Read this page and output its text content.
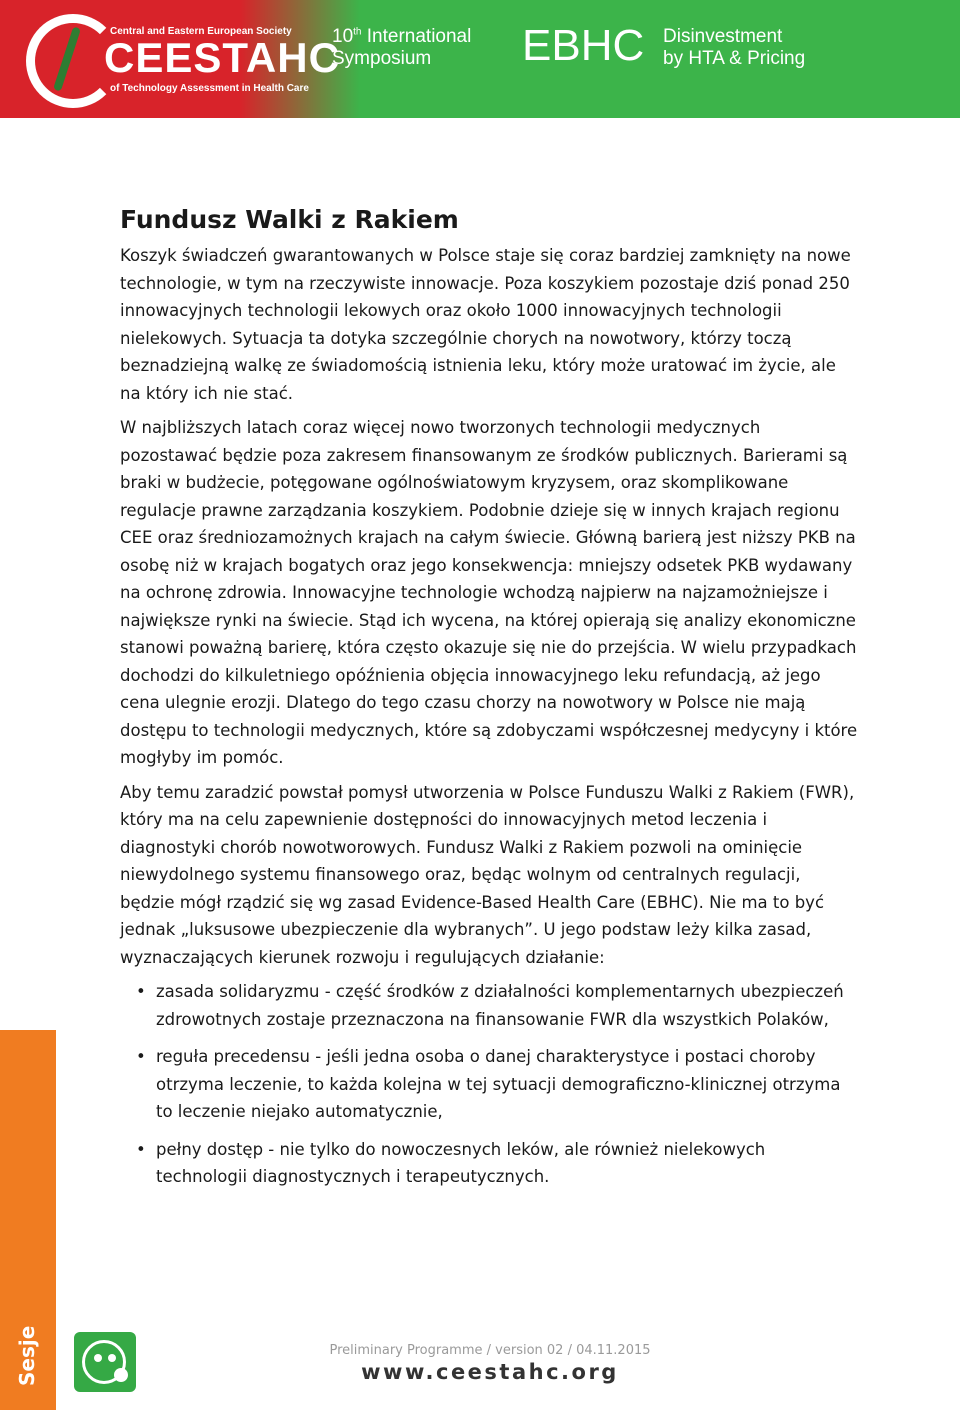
Central and Eastern European Society
CEESTAHC
of Technology Assessment in Health Care
10th International
Symposium	EBHC Disinvestment
by HTA & Pricing
Fundusz Walki z Rakiem

Koszyk świadczeń gwarantowanych w Polsce staje się coraz bardziej zamknięty na nowe technologie, w tym na rzeczywiste innowacje. Poza koszykiem pozostaje dziś ponad 250 innowacyjnych technologii lekowych oraz około 1000 innowacyjnych technologii nielekowych. Sytuacja ta dotyka szczególnie chorych na nowotwory, którzy toczą beznadziejną walkę ze świadomością istnienia leku, który może uratować im życie, ale na który ich nie stać.

W najbliższych latach coraz więcej nowo tworzonych technologii medycznych pozostawać będzie poza zakresem finansowanym ze środków publicznych. Barierami są braki w budżecie, potęgowane ogólnoświatowym kryzysem, oraz skomplikowane regulacje prawne zarządzania koszykiem. Podobnie dzieje się w innych krajach regionu CEE oraz średniozamożnych krajach na całym świecie. Główną barierą jest niższy PKB na osobę niż w krajach bogatych oraz jego konsekwencja: mniejszy odsetek PKB wydawany na ochronę zdrowia. Innowacyjne technologie wchodzą najpierw na najzamożniejsze i największe rynki na świecie. Stąd ich wycena, na której opierają się analizy ekonomiczne stanowi poważną barierę, która często okazuje się nie do przejścia. W wielu przypadkach dochodzi do kilkuletniego opóźnienia objęcia innowacyjnego leku refundacją, aż jego cena ulegnie erozji. Dlatego do tego czasu chorzy na nowotwory w Polsce nie mają dostępu to technologii medycznych, które są zdobyczami współczesnej medycyny i które mogłyby im pomóc.

Aby temu zaradzić powstał pomysł utworzenia w Polsce Funduszu Walki z Rakiem (FWR), który ma na celu zapewnienie dostępności do innowacyjnych metod leczenia i diagnostyki chorób nowotworowych. Fundusz Walki z Rakiem pozwoli na ominięcie niewydolnego systemu finansowego oraz, będąc wolnym od centralnych regulacji, będzie mógł rządzić się wg zasad Evidence-Based Health Care (EBHC). Nie ma to być jednak „luksusowe ubezpieczenie dla wybranych”. U jego podstaw leży kilka zasad, wyznaczających kierunek rozwoju i regulujących działanie:

• zasada solidaryzmu - część środków z działalności komplementarnych ubezpieczeń zdrowotnych zostaje przeznaczona na finansowanie FWR dla wszystkich Polaków,
• reguła precedensu - jeśli jedna osoba o danej charakterystyce i postaci choroby otrzyma leczenie, to każda kolejna w tej sytuacji demograficzno-klinicznej otrzyma to leczenie niejako automatycznie,
• pełny dostęp - nie tylko do nowoczesnych leków, ale również nielekowych technologii diagnostycznych i terapeutycznych.
Sesje	Preliminary Programme / version 02 / 04.11.2015
www.ceestahc.org
